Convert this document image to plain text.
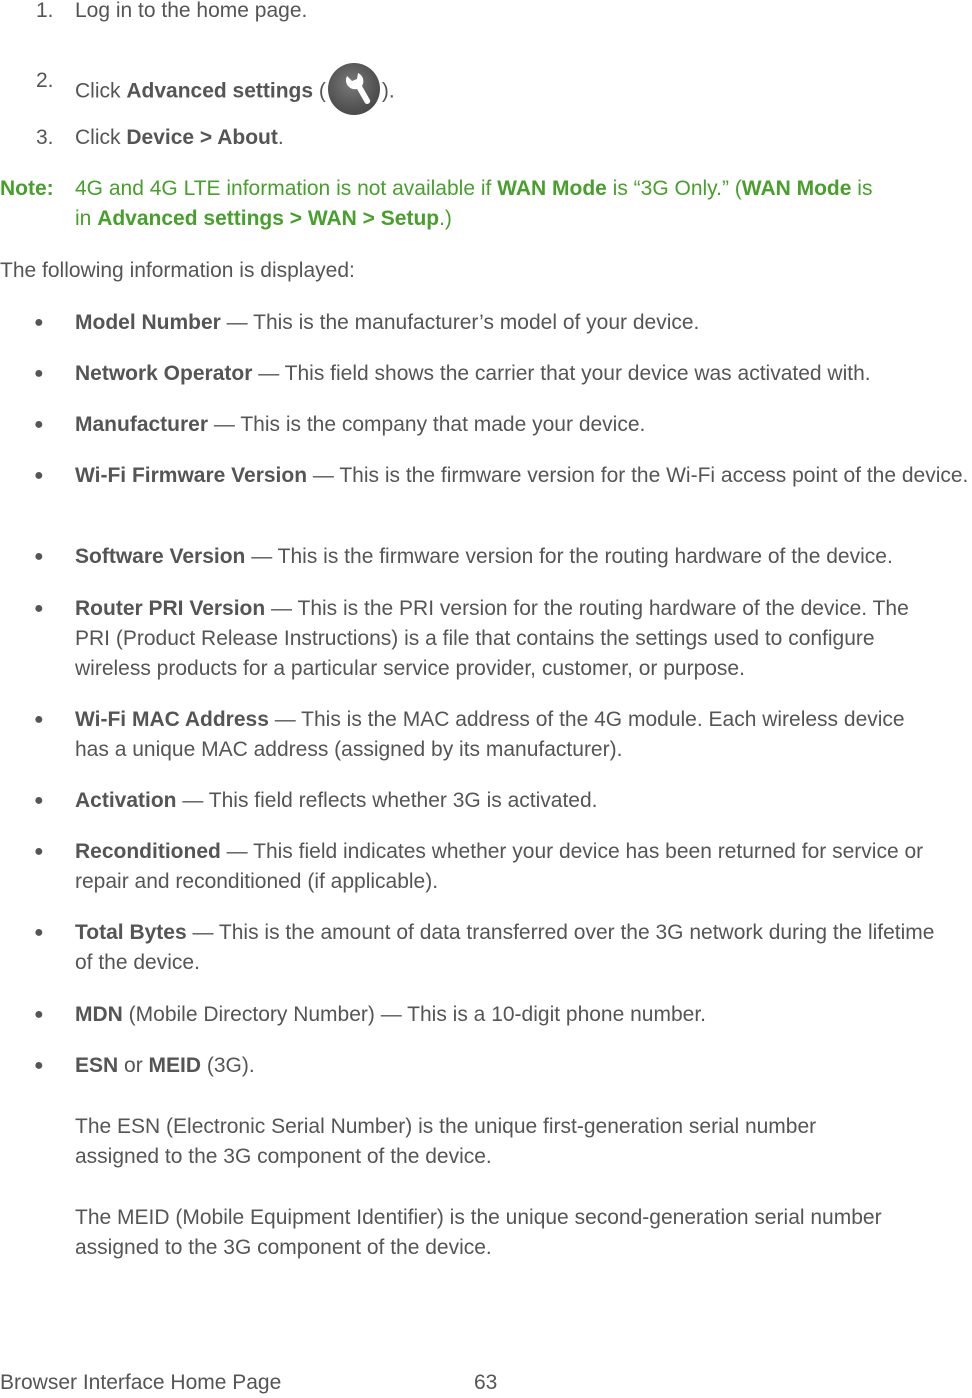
1. Log in to the home page.
2. Click Advanced settings (	).
3. Click Device > About.
Note: 4G and 4G LTE information is not available if WAN Mode is “3G Only.” (WAN Mode is
in Advanced settings > WAN > Setup.)
The following information is displayed:
● Model Number — This is the manufacturer’s model of your device.
● Network Operator — This field shows the carrier that your device was activated with.
● Manufacturer — This is the company that made your device.
● Wi-Fi Firmware Version — This is the firmware version for the Wi-Fi access point of the device.
● Software Version — This is the firmware version for the routing hardware of the device.
● Router PRI Version — This is the PRI version for the routing hardware of the device. The PRI (Product Release Instructions) is a file that contains the settings used to configure wireless products for a particular service provider, customer, or purpose.
● Wi-Fi MAC Address — This is the MAC address of the 4G module. Each wireless device has a unique MAC address (assigned by its manufacturer).
● Activation — This field reflects whether 3G is activated.
● Reconditioned — This field indicates whether your device has been returned for service or repair and reconditioned (if applicable).
● Total Bytes — This is the amount of data transferred over the 3G network during the lifetime of the device.
● MDN (Mobile Directory Number) — This is a 10-digit phone number.
● ESN or MEID (3G).
The ESN (Electronic Serial Number) is the unique first-generation serial number assigned to the 3G component of the device.
The MEID (Mobile Equipment Identifier) is the unique second-generation serial number assigned to the 3G component of the device.
Browser Interface Home Page	63
